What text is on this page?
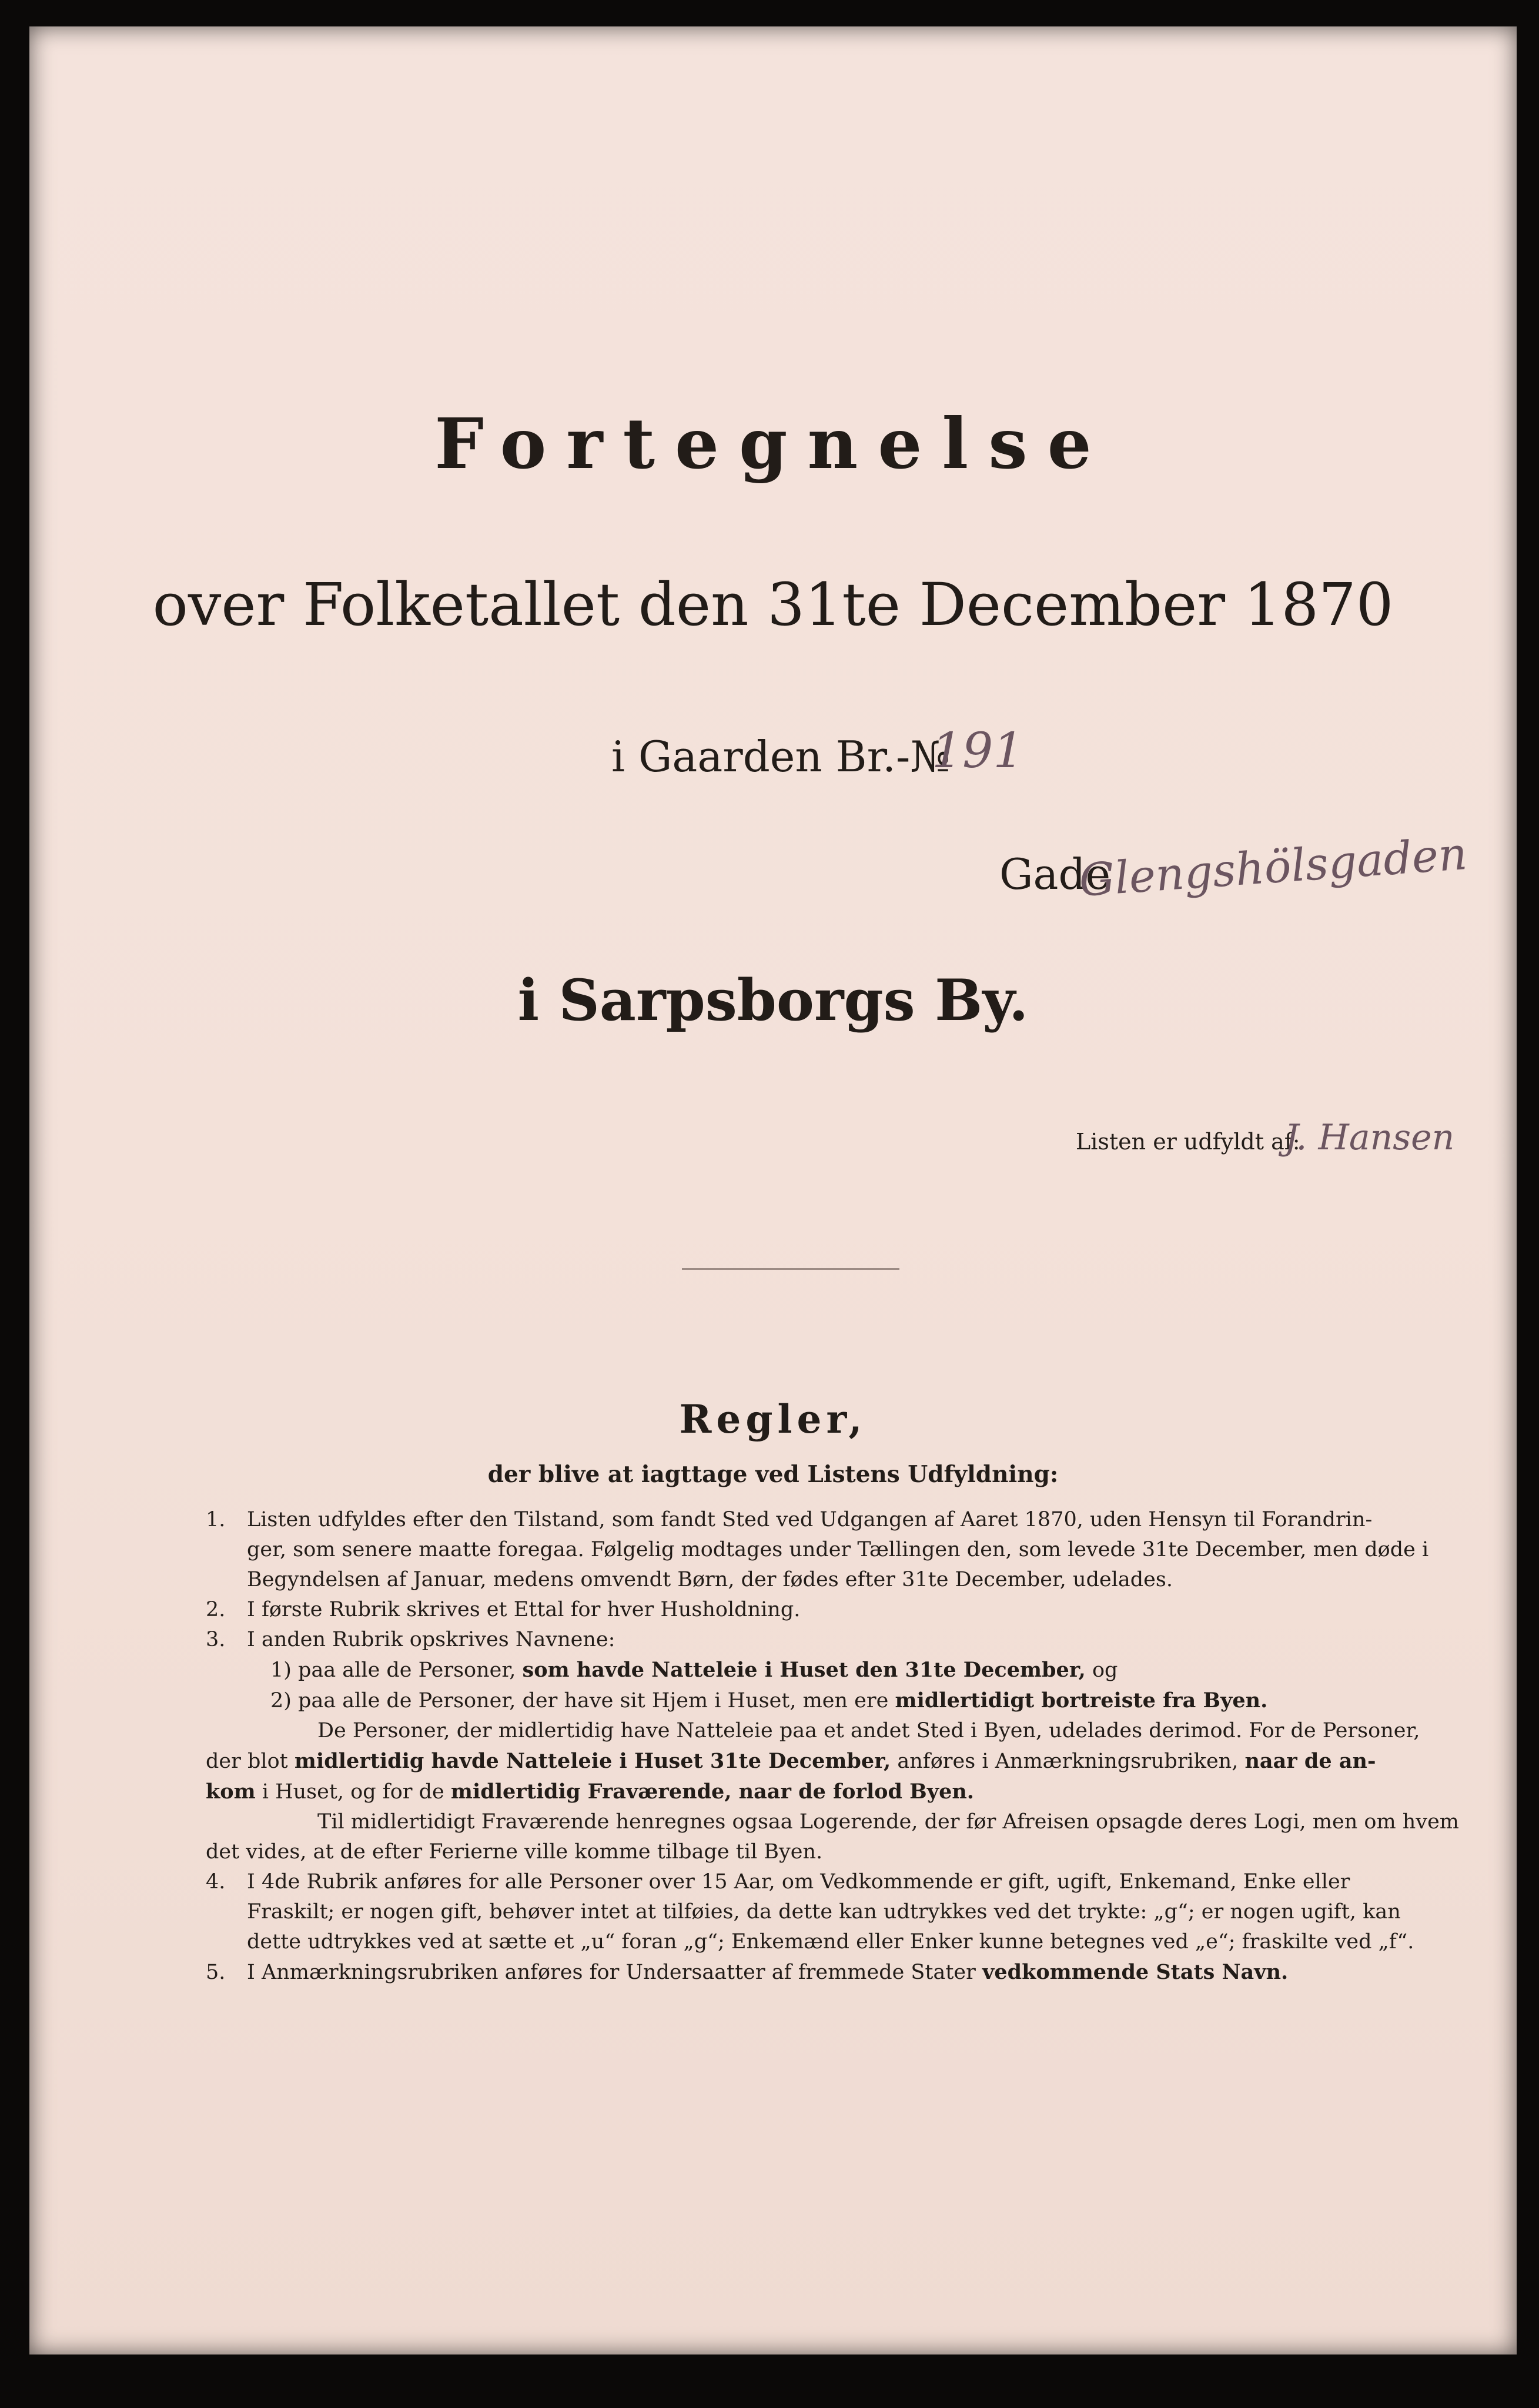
Fortegnelse
over Folketallet den 31te December 1870
i Gaarden Br.-№
191
Gade
Glengshölsgaden
i Sarpsborgs By.
Listen er udfyldt af:
J. Hansen
Regler,
der blive at iagttage ved Listens Udfyldning:
1. Listen udfyldes efter den Tilstand, som fandt Sted ved Udgangen af Aaret 1870, uden Hensyn til Forandrin-
ger, som senere maatte foregaa. Følgelig modtages under Tællingen den, som levede 31te December, men døde i
Begyndelsen af Januar, medens omvendt Børn, der fødes efter 31te December, udelades.
2. I første Rubrik skrives et Ettal for hver Husholdning.
3. I anden Rubrik opskrives Navnene:
1) paa alle de Personer, som havde Natteleie i Huset den 31te December, og
2) paa alle de Personer, der have sit Hjem i Huset, men ere midlertidigt bortreiste fra Byen.
De Personer, der midlertidig have Natteleie paa et andet Sted i Byen, udelades derimod. For de Personer,
der blot midlertidig havde Natteleie i Huset 31te December, anføres i Anmærkningsrubriken, naar de an-
kom i Huset, og for de midlertidig Fraværende, naar de forlod Byen.
Til midlertidigt Fraværende henregnes ogsaa Logerende, der før Afreisen opsagde deres Logi, men om hvem
det vides, at de efter Ferierne ville komme tilbage til Byen.
4. I 4de Rubrik anføres for alle Personer over 15 Aar, om Vedkommende er gift, ugift, Enkemand, Enke eller
Fraskilt; er nogen gift, behøver intet at tilføies, da dette kan udtrykkes ved det trykte: „g“; er nogen ugift, kan
dette udtrykkes ved at sætte et „u“ foran „g“; Enkemænd eller Enker kunne betegnes ved „e“; fraskilte ved „f“.
5. I Anmærkningsrubriken anføres for Undersaatter af fremmede Stater vedkommende Stats Navn.
